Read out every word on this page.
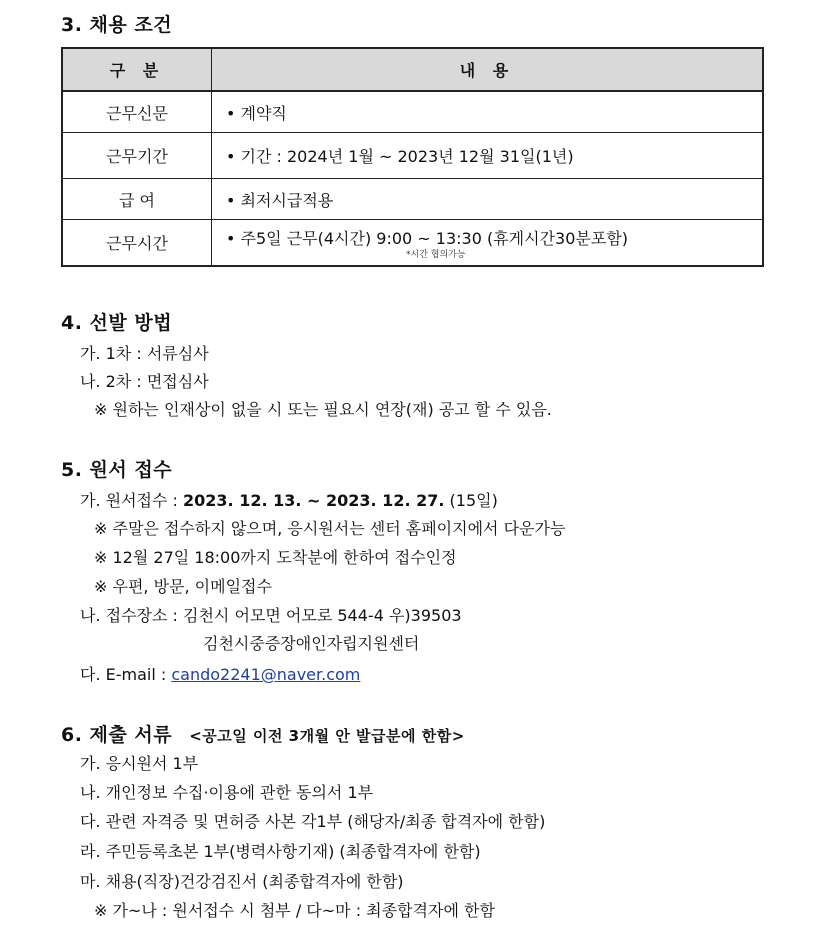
3. 채용 조건
구 분	내 용
근무신문	• 계약직
근무기간	• 기간 : 2024년 1월 ~ 2023년 12월 31일(1년)
급 여	• 최저시급적용
근무시간	• 주5일 근무(4시간) 9:00 ~ 13:30 (휴게시간30분포함)
*시간 협의가능
4. 선발 방법
가. 1차 : 서류심사
나. 2차 : 면접심사
※ 원하는 인재상이 없을 시 또는 필요시 연장(재) 공고 할 수 있음.
5. 원서 접수
가. 원서접수 : 2023. 12. 13. ~ 2023. 12. 27. (15일)
※ 주말은 접수하지 않으며, 응시원서는 센터 홈페이지에서 다운가능
※ 12월 27일 18:00까지 도착분에 한하여 접수인정
※ 우편, 방문, 이메일접수
나. 접수장소 : 김천시 어모면 어모로 544-4 우)39503
김천시중증장애인자립지원센터
다. E-mail : cando2241@naver.com
6. 제출 서류 <공고일 이전 3개월 안 발급분에 한함>
가. 응시원서 1부
나. 개인정보 수집·이용에 관한 동의서 1부
다. 관련 자격증 및 면허증 사본 각1부 (해당자/최종 합격자에 한함)
라. 주민등록초본 1부(병력사항기재) (최종합격자에 한함)
마. 채용(직장)건강검진서 (최종합격자에 한함)
※ 가~나 : 원서접수 시 첨부 / 다~마 : 최종합격자에 한함
